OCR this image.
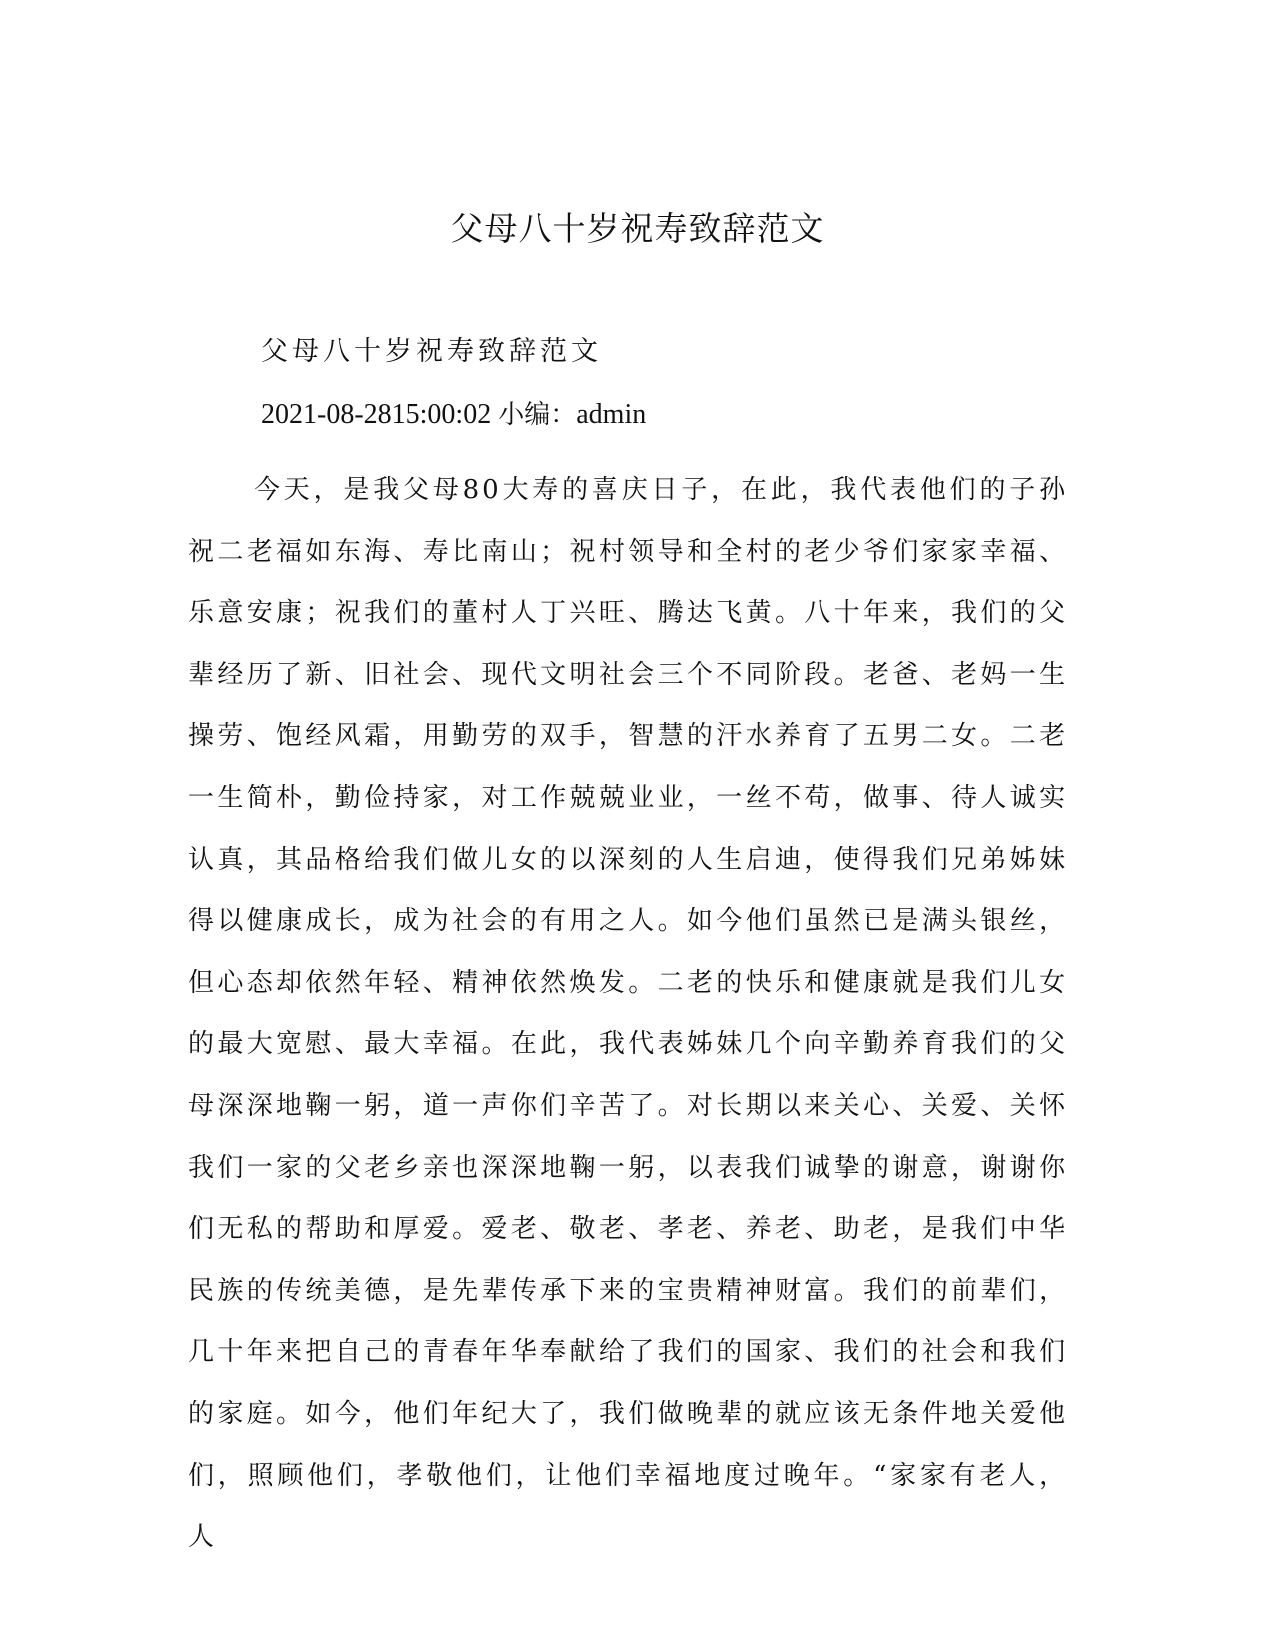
父母八十岁祝寿致辞范文

父母八十岁祝寿致辞范文

2021-08-2815:00:02 小编：admin

今天，是我父母80大寿的喜庆日子，在此，我代表他们的子孙祝二老福如东海、寿比南山；祝村领导和全村的老少爷们家家幸福、乐意安康；祝我们的董村人丁兴旺、腾达飞黄。八十年来，我们的父辈经历了新、旧社会、现代文明社会三个不同阶段。老爸、老妈一生操劳、饱经风霜，用勤劳的双手，智慧的汗水养育了五男二女。二老一生简朴，勤俭持家，对工作兢兢业业，一丝不苟，做事、待人诚实认真，其品格给我们做儿女的以深刻的人生启迪，使得我们兄弟姊妹得以健康成长，成为社会的有用之人。如今他们虽然已是满头银丝，但心态却依然年轻、精神依然焕发。二老的快乐和健康就是我们儿女的最大宽慰、最大幸福。在此，我代表姊妹几个向辛勤养育我们的父母深深地鞠一躬，道一声你们辛苦了。对长期以来关心、关爱、关怀我们一家的父老乡亲也深深地鞠一躬，以表我们诚挚的谢意，谢谢你们无私的帮助和厚爱。爱老、敬老、孝老、养老、助老，是我们中华民族的传统美德，是先辈传承下来的宝贵精神财富。我们的前辈们，几十年来把自己的青春年华奉献给了我们的国家、我们的社会和我们的家庭。如今，他们年纪大了，我们做晚辈的就应该无条件地关爱他们，照顾他们，孝敬他们，让他们幸福地度过晚年。“家家有老人，人
